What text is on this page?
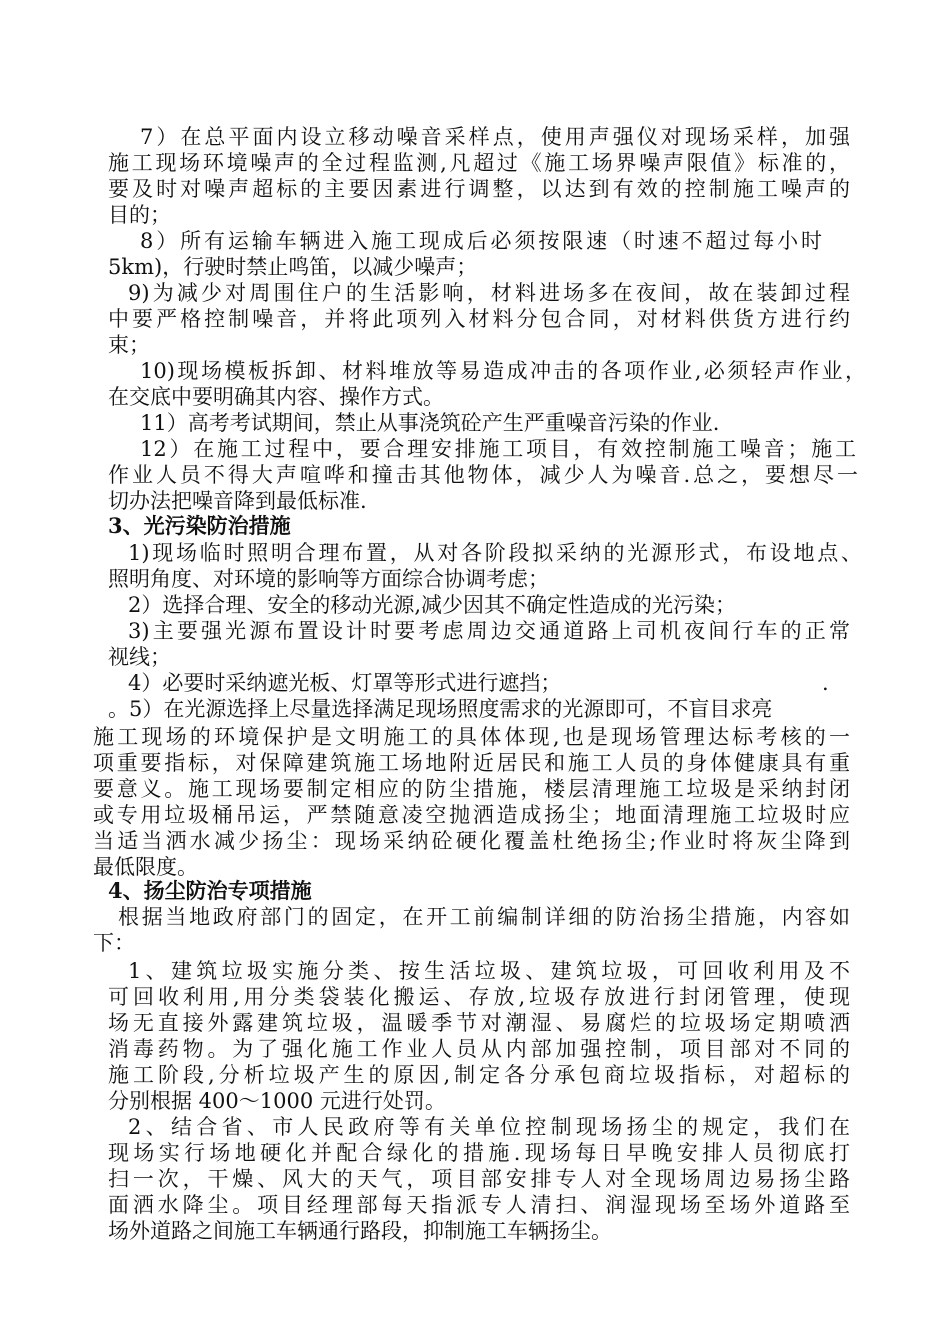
7）在总平面内设立移动噪音采样点，使用声强仪对现场采样，加强
施工现场环境噪声的全过程监测,凡超过《施工场界噪声限值》标准的，
要及时对噪声超标的主要因素进行调整，以达到有效的控制施工噪声的
目的；
8）所有运输车辆进入施工现成后必须按限速（时速不超过每小时
5km)，行驶时禁止鸣笛，以减少噪声；
9)为减少对周围住户的生活影响，材料进场多在夜间，故在装卸过程
中要严格控制噪音，并将此项列入材料分包合同，对材料供货方进行约
束；
10)现场模板拆卸、材料堆放等易造成冲击的各项作业,必须轻声作业，
在交底中要明确其内容、操作方式。
11）高考考试期间，禁止从事浇筑砼产生严重噪音污染的作业.
12）在施工过程中，要合理安排施工项目，有效控制施工噪音；施工
作业人员不得大声喧哗和撞击其他物体，减少人为噪音.总之，要想尽一
切办法把噪音降到最低标准.
3、光污染防治措施
1)现场临时照明合理布置，从对各阶段拟采纳的光源形式，布设地点、
照明角度、对环境的影响等方面综合协调考虑；
2）选择合理、安全的移动光源,减少因其不确定性造成的光污染；
3)主要强光源布置设计时要考虑周边交通道路上司机夜间行车的正常
视线；
4）必要时采纳遮光板、灯罩等形式进行遮挡；	.
。5）在光源选择上尽量选择满足现场照度需求的光源即可，不盲目求亮
施工现场的环境保护是文明施工的具体体现,也是现场管理达标考核的一
项重要指标，对保障建筑施工场地附近居民和施工人员的身体健康具有重
要意义。施工现场要制定相应的防尘措施，楼层清理施工垃圾是采纳封闭
或专用垃圾桶吊运，严禁随意凌空抛洒造成扬尘；地面清理施工垃圾时应
当适当洒水减少扬尘：现场采纳砼硬化覆盖杜绝扬尘;作业时将灰尘降到
最低限度。
4、扬尘防治专项措施
根据当地政府部门的固定，在开工前编制详细的防治扬尘措施，内容如
下：
1、建筑垃圾实施分类、按生活垃圾、建筑垃圾，可回收利用及不
可回收利用,用分类袋装化搬运、存放,垃圾存放进行封闭管理，使现
场无直接外露建筑垃圾，温暖季节对潮湿、易腐烂的垃圾场定期喷洒
消毒药物。为了强化施工作业人员从内部加强控制，项目部对不同的
施工阶段,分析垃圾产生的原因,制定各分承包商垃圾指标，对超标的
分别根据 400～1000 元进行处罚。
2、结合省、市人民政府等有关单位控制现场扬尘的规定，我们在
现场实行场地硬化并配合绿化的措施.现场每日早晚安排人员彻底打
扫一次，干燥、风大的天气，项目部安排专人对全现场周边易扬尘路
面洒水降尘。项目经理部每天指派专人清扫、润湿现场至场外道路至
场外道路之间施工车辆通行路段，抑制施工车辆扬尘。
